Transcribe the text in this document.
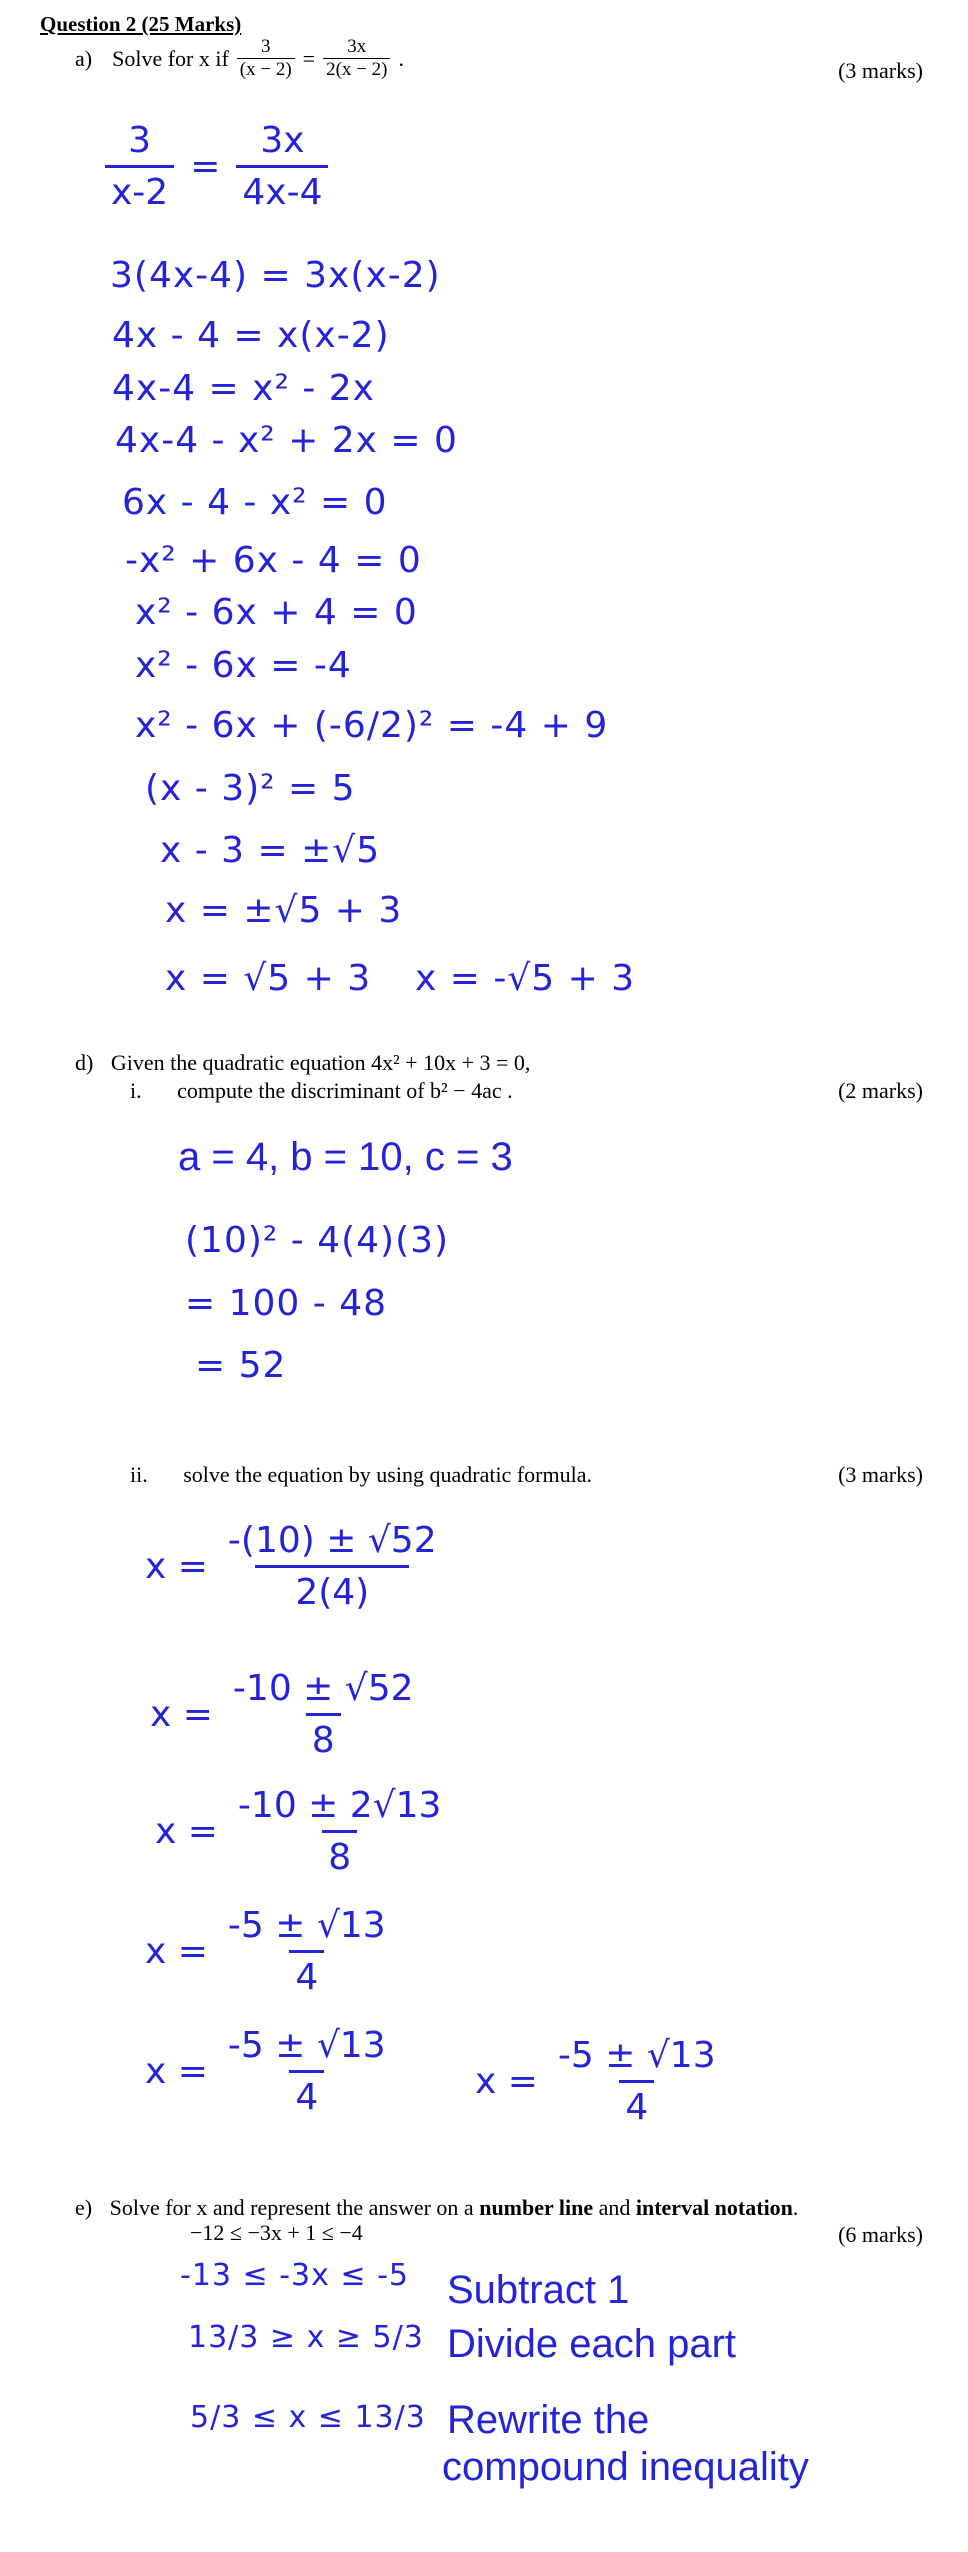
Question 2 (25 Marks)
a) Solve for x if $\frac{3}{(x - 2)} = \frac{3x}{2(x - 2)}$ .	(3 marks)
$\frac{3}{x-2} = \frac{3x}{4x-4}$
3(4x-4) = 3x(x-2)
4x - 4 = x(x-2)
4x-4 = x² - 2x
4x-4 - x² + 2x = 0
6x - 4 - x² = 0
-x² + 6x - 4 = 0
x² - 6x + 4 = 0
x² - 6x = -4
x² - 6x + (-6/2)² = -4 + 9
(x - 3)² = 5
x - 3 = ±√5
x = ±√5 + 3
x = √5 + 3 x = -√5 + 3
d) Given the quadratic equation 4x² + 10x + 3 = 0,
i. compute the discriminant of b² − 4ac .	(2 marks)
a = 4, b = 10, c = 3
(10)² - 4(4)(3)
= 100 - 48
= 52
ii. solve the equation by using quadratic formula.	(3 marks)
$x = \frac{-(10) \pm √52}{2(4)}$
$x = \frac{-10 \pm √52}{8}$
$x = \frac{-10 \pm 2√13}{8}$
$x = \frac{-5 \pm √13}{4}$
$x = \frac{-5 \pm √13}{4}$ $x = \frac{-5 \pm √13}{4}$
e) Solve for x and represent the answer on a number line and interval notation.
−12 ≤ −3x + 1 ≤ −4	(6 marks)
-13 ≤ -3x ≤ -5
13/3 ≥ x ≥ 5/3
5/3 ≤ x ≤ 13/3
Subtract 1
Divide each part
Rewrite the
compound inequality
